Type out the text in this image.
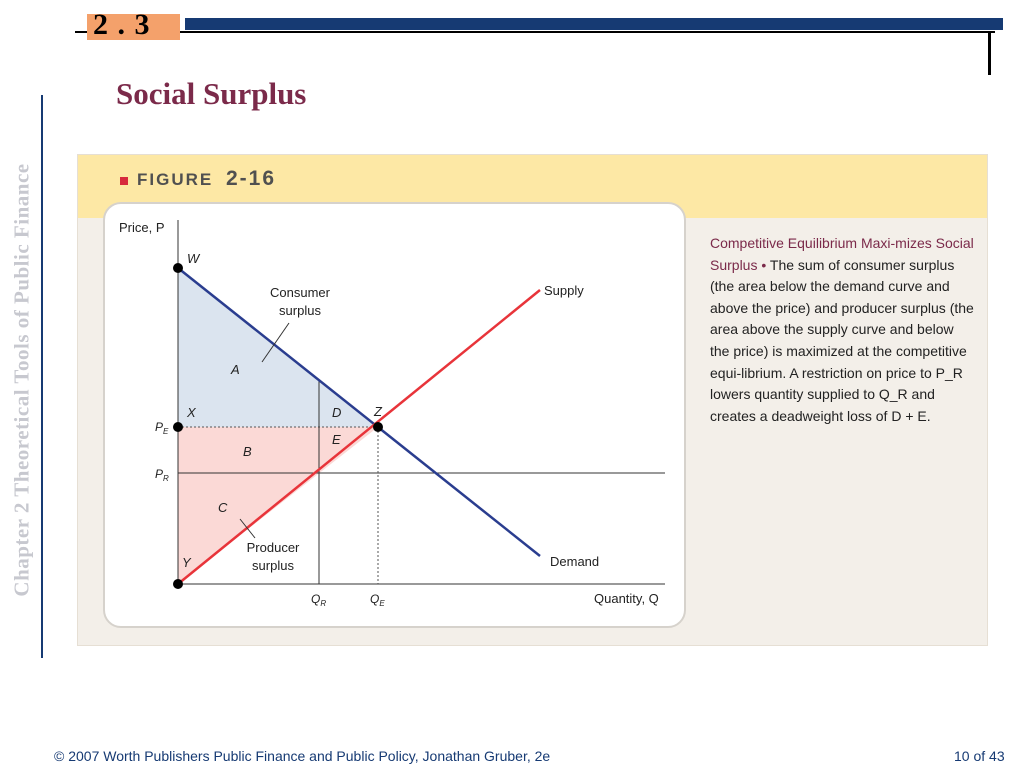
2 . 3
Chapter 2 Theoretical Tools of Public Finance
Social Surplus
FIGURE 2-16
Price, P
Quantity, Q
Supply
Demand
Consumer
surplus
Producer
surplus
W
X
Y
Z
A
B
C
D
E
$P_E$
$P_R$
$Q_R$	$Q_E$
Competitive Equilibrium Maxi-mizes Social Surplus • The sum of consumer surplus (the area below the demand curve and above the price) and producer surplus (the area above the supply curve and below the price) is maximized at the competitive equi-librium. A restriction on price to P_R lowers quantity supplied to Q_R and creates a deadweight loss of D + E.
© 2007 Worth Publishers Public Finance and Public Policy, Jonathan Gruber, 2e	10 of 43
